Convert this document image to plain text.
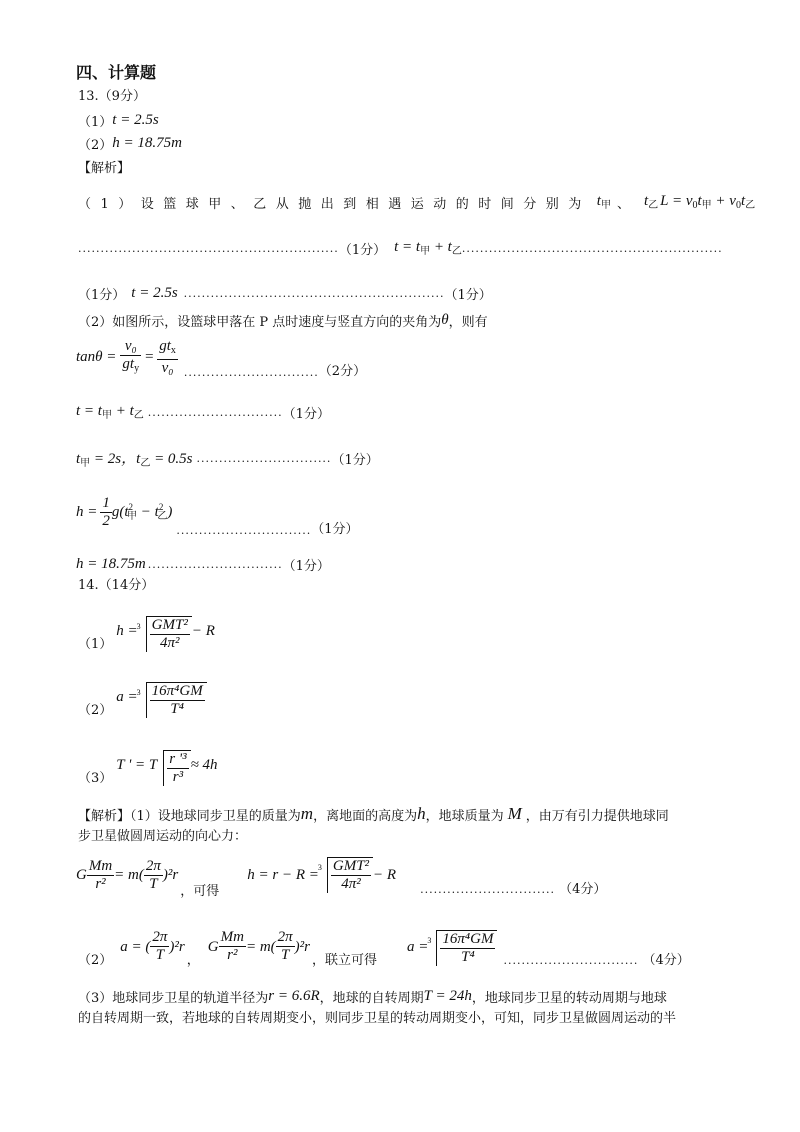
四、计算题
13.（9分）
（1） t = 2.5s
（2） h = 18.75m
【解析】
（1）设篮球甲、乙从抛出到相遇运动的时间分别为 $t_甲$ 、 $t_乙$ $L = v_0t_甲 + v_0t_乙$
.......................................................... （1分） $t = t_甲 + t_乙$ ..........................................................
（1分） t = 2.5s .......................................................... （1分）
（2）如图所示，设篮球甲落在 P 点时速度与竖直方向的夹角为 θ ，则有
$\tan\theta = \frac{\text{v₀}}{gt_y} = \frac{gt_x}{\text{v₀}}$ .............................. （2分）
$t = t_甲 + t_乙$ .............................. （1分）
$t_甲 = 2s$，$t_乙 = 0.5s$ .............................. （1分）
$h = \frac{1}{2} g(t^2_甲 - t^2_乙)$
.............................. （1分）
h = 18.75m .............................. （1分）
14.（14分）
（1）
$h = 3 \frac{\text{GMT²}}{\text{4π²}} - R$
（2）
$a = 3 \frac{\text{16π⁴GM}}{\text{T⁴}}$
（3）
T ' = T $\frac{\text{r '³}}{\text{r³}} \approx 4h$
【解析】（1）设地球同步卫星的质量为 m ，离地面的高度为 h ，地球质量为 M ，由万有引力提供地球同
步卫星做圆周运动的向心力：
G $\frac{Mm}{\text{r²}} = m( \frac{2\pi}{T} )^2r$
，可得
$h = r - R = 3 \frac{\text{GMT²}}{\text{4π²}} - R$
.............................. （4分）
（2）
a = ( $\frac{2\pi}{T} )^2r$
，
G $\frac{Mm}{\text{r²}} = m( \frac{2\pi}{T} )^2r$
，联立可得
$a = 3 \frac{\text{16π⁴GM}}{\text{T⁴}}$ .............................. （4分）
（3）地球同步卫星的轨道半径为 r = 6.6R ，地球的自转周期 T = 24h ，地球同步卫星的转动周期与地球
的自转周期一致，若地球的自转周期变小，则同步卫星的转动周期变小，可知，同步卫星做圆周运动的半
